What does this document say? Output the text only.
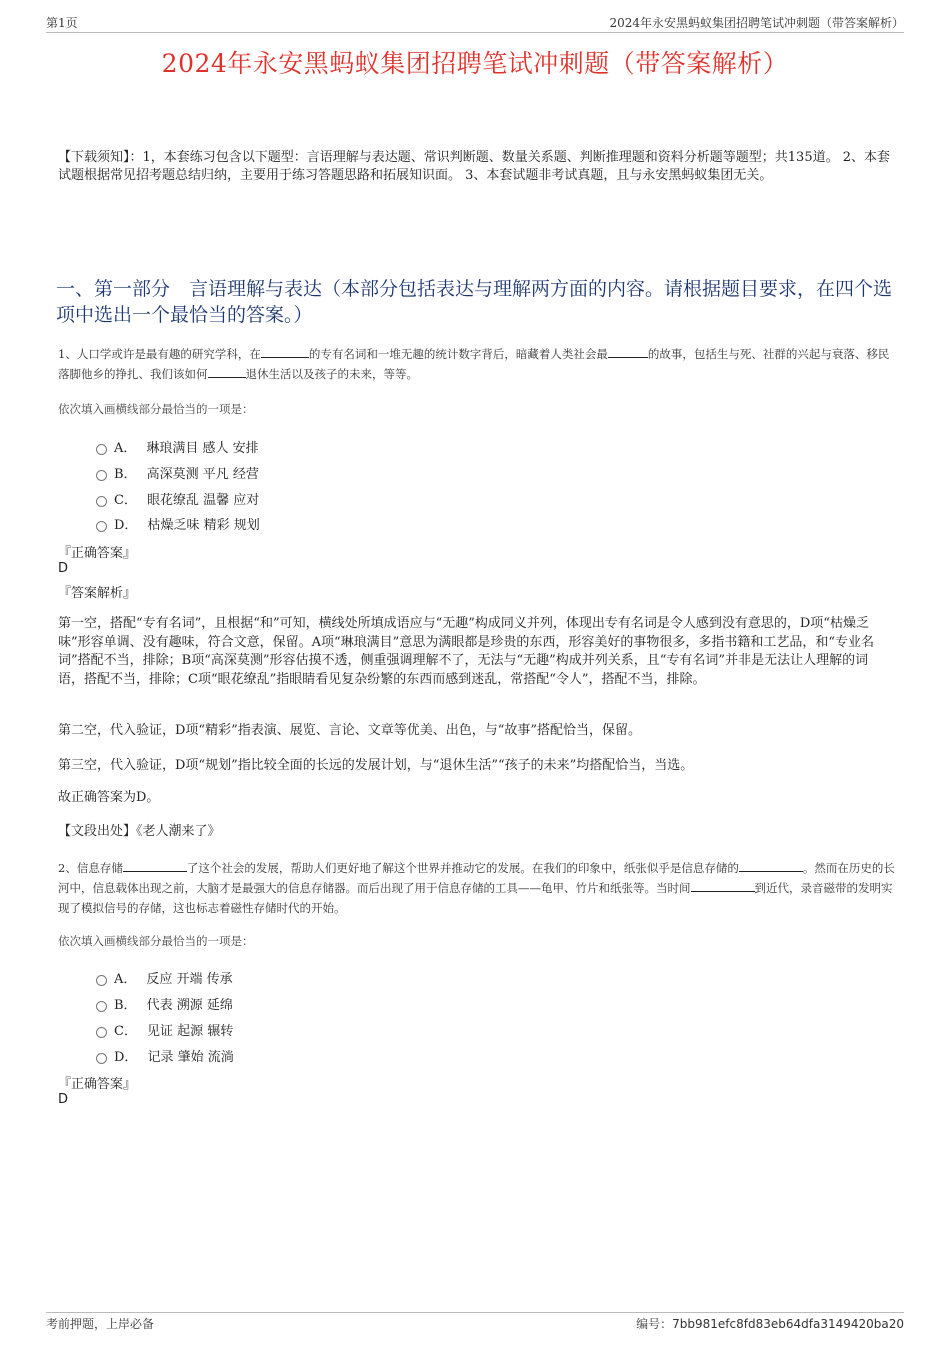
第1页	2024年永安黑蚂蚁集团招聘笔试冲刺题（带答案解析）
2024年永安黑蚂蚁集团招聘笔试冲刺题（带答案解析）
【下载须知】：1，本套练习包含以下题型：言语理解与表达题、常识判断题、数量关系题、判断推理题和资料分析题等题型；共135道。 2、本套试题根据常见招考题总结归纳，主要用于练习答题思路和拓展知识面。 3、本套试题非考试真题，且与永安黑蚂蚁集团无关。
一、第一部分　言语理解与表达（本部分包括表达与理解两方面的内容。请根据题目要求，在四个选项中选出一个最恰当的答案。）
1、人口学或许是最有趣的研究学科，在	的专有名词和一堆无趣的统计数字背后，暗藏着人类社会最	的故事，包括生与死、社群的兴起与衰落、移民落脚他乡的挣扎、我们该如何	退休生活以及孩子的未来，等等。
依次填入画横线部分最恰当的一项是：
A． 琳琅满目 感人 安排
B． 高深莫测 平凡 经营
C． 眼花缭乱 温馨 应对
D． 枯燥乏味 精彩 规划
『正确答案』
D
『答案解析』
第一空，搭配“专有名词”，且根据“和”可知，横线处所填成语应与“无趣”构成同义并列，体现出专有名词是令人感到没有意思的，D项“枯燥乏味”形容单调、没有趣味，符合文意，保留。A项“琳琅满目”意思为满眼都是珍贵的东西，形容美好的事物很多，多指书籍和工艺品，和“专业名词”搭配不当，排除；B项“高深莫测”形容估摸不透，侧重强调理解不了，无法与“无趣”构成并列关系，且“专有名词”并非是无法让人理解的词语，搭配不当，排除；C项“眼花缭乱”指眼睛看见复杂纷繁的东西而感到迷乱，常搭配“令人”，搭配不当，排除。
第二空，代入验证，D项“精彩”指表演、展览、言论、文章等优美、出色，与“故事”搭配恰当，保留。
第三空，代入验证，D项“规划”指比较全面的长远的发展计划，与“退休生活”“孩子的未来”均搭配恰当，当选。
故正确答案为D。
【文段出处】《老人潮来了》
2、信息存储	了这个社会的发展，帮助人们更好地了解这个世界并推动它的发展。在我们的印象中，纸张似乎是信息存储的	。然而在历史的长河中，信息载体出现之前，大脑才是最强大的信息存储器。而后出现了用于信息存储的工具——龟甲、竹片和纸张等。当时间	到近代，录音磁带的发明实现了模拟信号的存储，这也标志着磁性存储时代的开始。
依次填入画横线部分最恰当的一项是：
A． 反应 开端 传承
B． 代表 溯源 延绵
C． 见证 起源 辗转
D． 记录 肇始 流淌
『正确答案』
D
考前押题，上岸必备	编号：7bb981efc8fd83eb64dfa3149420ba20
